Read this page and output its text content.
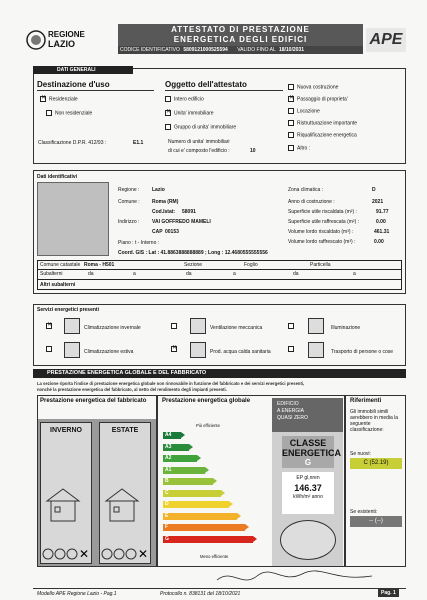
REGIONE
LAZIO
ATTESTATO DI PRESTAZIONE
ENERGETICA DEGLI EDIFICI
CODICE IDENTIFICATIVO 5809121000525594 VALIDO FINO AL 18/10/2031
APE
DATI GENERALI
Destinazione d'uso
✕Residenziale
Non residenziale
Classificazione D.P.R. 412/93 :	E1.1
Oggetto dell'attestato
Intero edificio
✕Unita' immobiliare
Gruppo di unita' immobiliare
Numero di unita' immobiliari
di cui e' composto l'edificio :	10
Nuova costruzione
✕Passaggio di proprieta'
Locazione
Ristrutturazione importante
Riqualificazione energetica
Altro :
Dati identificativi
Regione :	Lazio
Comune : Roma (RM)
Cod.Istat: 58091
Indirizzo :	VAI GOFFREDO MAMELI
CAP 00153
Piano : t - Interno :
Coord. GIS : Lat : 41.8863888888889 ; Long : 12.4680555555556
Zona climatica :	D
Anno di costruzione :	2021
Superficie utile riscaldata (m²) :	91.77
Superficie utile raffrescata (m²) :	0.00
Volume lordo riscaldato (m³) :	461.31
Volume lordo raffrescato (m³) :	0.00
Comune catastale Roma - H501	Sezione	Foglio	Particella
Subalterni	da	a	da	a	da	a
Altri subalterni
Servizi energetici presenti
✕
Climatizzazione invernale
Climatizzazione estiva
Ventilazione meccanica
✕
Prod. acqua calda sanitaria
Illuminazione
Trasporto di persone o cose
PRESTAZIONE ENERGETICA GLOBALE E DEL FABBRICATO
La sezione riporta l'indice di prestazione energetica globale non rinnovabile in funzione del fabbricato e dei servizi energetici presenti,
nonché la prestazione energetica del fabbricato, al netto del rendimento degli impianti presenti.
Prestazione energetica del fabbricato
INVERNO
✕
ESTATE
✕
Prestazione energetica globale
Più efficiente
A4
A3
A2
A1
B
C
D
E
F
G
Meno efficiente
EDIFICIO
A ENERGIA
QUASI ZERO
CLASSE
ENERGETICA
G
EP gl,nren
146.37
kWh/m² anno
Riferimenti
Gli immobili simili avrebbero in media la seguente classificazione:
Se nuovi:
C (52.19)
Se esistenti:
-- (--)
Modello APE Regione Lazio - Pag.1	Protocollo n. 838131 del 18/10/2021	Pag. 1
